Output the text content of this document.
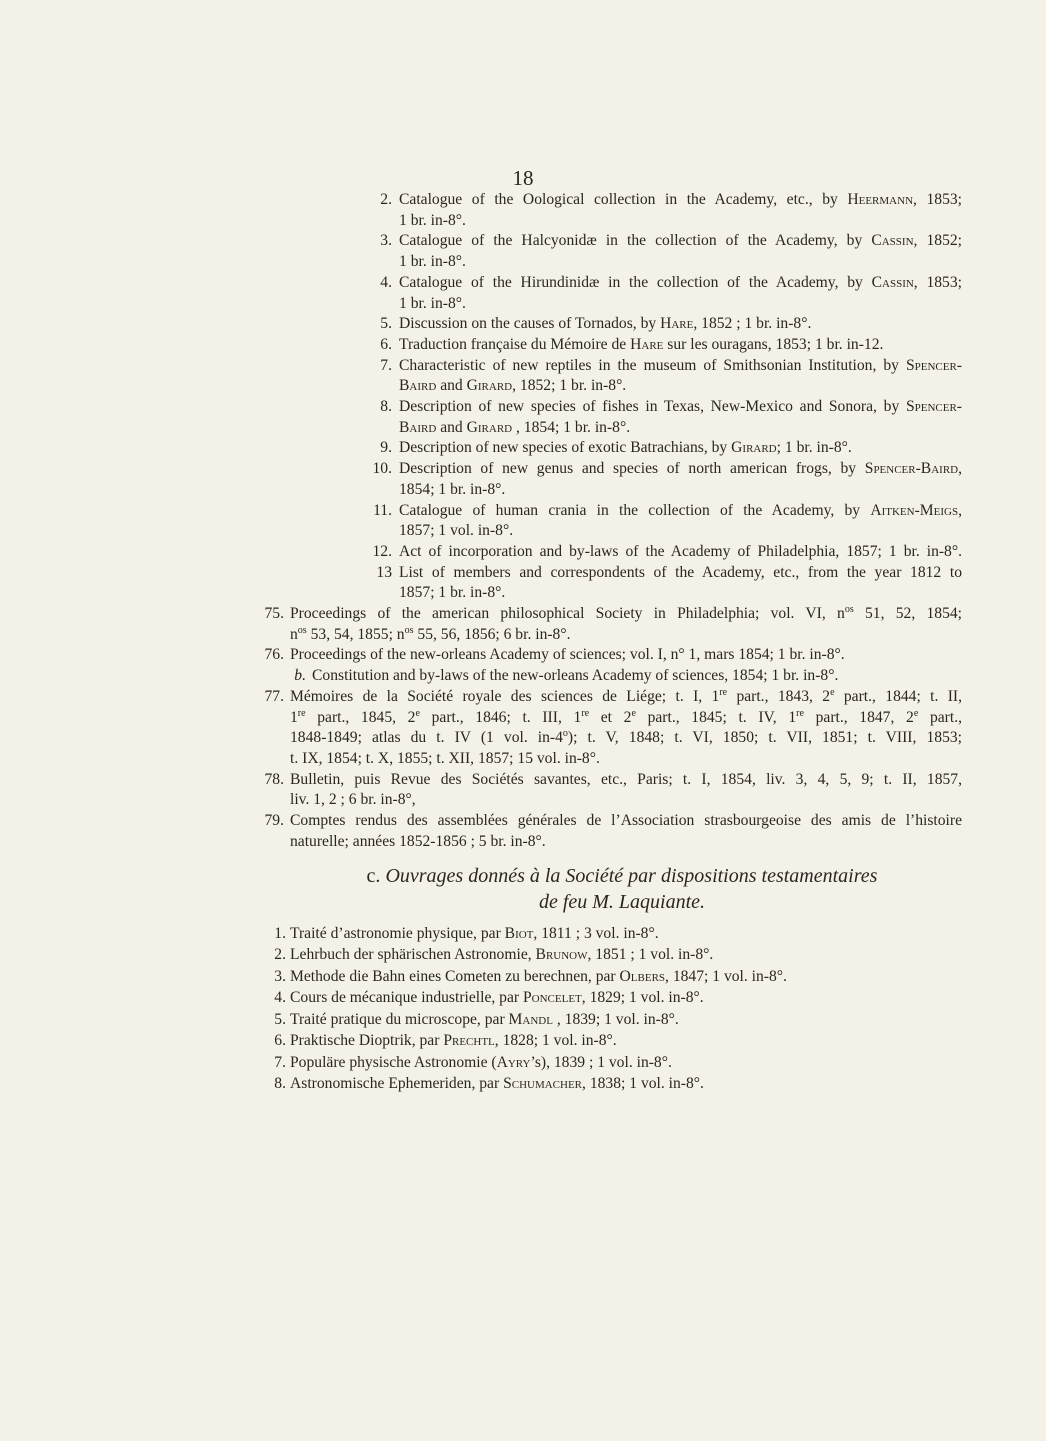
18
2. Catalogue of the Oological collection in the Academy, etc., by Heermann, 1853;
1 br. in-8°.
3. Catalogue of the Halcyonidæ in the collection of the Academy, by Cassin, 1852;
1 br. in-8°.
4. Catalogue of the Hirundinidæ in the collection of the Academy, by Cassin, 1853;
1 br. in-8°.
5. Discussion on the causes of Tornados, by Hare, 1852 ; 1 br. in-8°.
6. Traduction française du Mémoire de Hare sur les ouragans, 1853; 1 br. in-12.
7. Characteristic of new reptiles in the museum of Smithsonian Institution, by Spencer-
Baird and Girard, 1852; 1 br. in-8°.
8. Description of new species of fishes in Texas, New-Mexico and Sonora, by Spencer-
Baird and Girard , 1854; 1 br. in-8°.
9. Description of new species of exotic Batrachians, by Girard; 1 br. in-8°.
10. Description of new genus and species of north american frogs, by Spencer-Baird,
1854; 1 br. in-8°.
11. Catalogue of human crania in the collection of the Academy, by Aitken-Meigs,
1857; 1 vol. in-8°.
12. Act of incorporation and by-laws of the Academy of Philadelphia, 1857; 1 br. in-8°.
13 List of members and correspondents of the Academy, etc., from the year 1812 to
1857; 1 br. in-8°.
75. Proceedings of the american philosophical Society in Philadelphia; vol. VI, $n^{os}$ 51, 52, 1854;
$n^{os}$ 53, 54, 1855; $n^{os}$ 55, 56, 1856; 6 br. in-8°.
76. Proceedings of the new-orleans Academy of sciences; vol. I, n° 1, mars 1854; 1 br. in-8°.
b. Constitution and by-laws of the new-orleans Academy of sciences, 1854; 1 br. in-8°.
77. Mémoires de la Société royale des sciences de Liége; t. I, 1re part., 1843, 2e part., 1844; t. II,
1re part., 1845, 2e part., 1846; t. III, 1re et 2e part., 1845; t. IV, 1re part., 1847, 2e part.,
1848-1849; atlas du t. IV (1 vol. in-4$^o$); t. V, 1848; t. VI, 1850; t. VII, 1851; t. VIII, 1853;
t. IX, 1854; t. X, 1855; t. XII, 1857; 15 vol. in-8°.
78. Bulletin, puis Revue des Sociétés savantes, etc., Paris; t. I, 1854, liv. 3, 4, 5, 9; t. II, 1857,
liv. 1, 2 ; 6 br. in-8°,
79. Comptes rendus des assemblées générales de l’Association strasbourgeoise des amis de l’histoire
naturelle; années 1852-1856 ; 5 br. in-8°.
c. Ouvrages donnés à la Société par dispositions testamentaires
de feu M. Laquiante.
1. Traité d’astronomie physique, par Biot, 1811 ; 3 vol. in-8°.
2. Lehrbuch der sphärischen Astronomie, Brunow, 1851 ; 1 vol. in-8°.
3. Methode die Bahn eines Cometen zu berechnen, par Olbers, 1847; 1 vol. in-8°.
4. Cours de mécanique industrielle, par Poncelet, 1829; 1 vol. in-8°.
5. Traité pratique du microscope, par Mandl , 1839; 1 vol. in-8°.
6. Praktische Dioptrik, par Prechtl, 1828; 1 vol. in-8°.
7. Populäre physische Astronomie (Ayry’s), 1839 ; 1 vol. in-8°.
8. Astronomische Ephemeriden, par Schumacher, 1838; 1 vol. in-8°.
